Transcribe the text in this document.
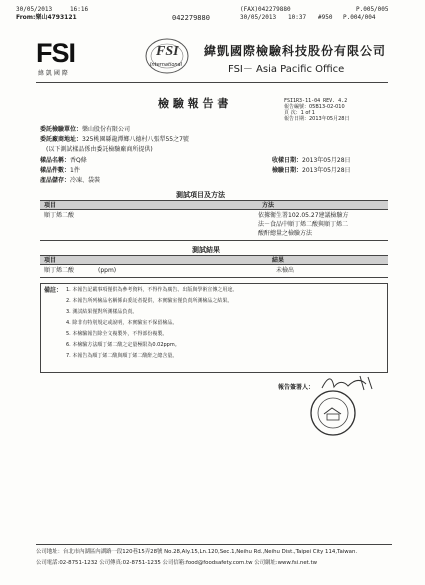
30/05/2013	16:16
From:樂山4793121	042279880
(FAX)042279880	P.005/005
30/05/2013 10:37 #950 P.004/004
FSI
緯 凱 國 際
FSI
International
緯凱國際檢驗科技股份有限公司
FSI－ Asia Pacific Office
檢 驗 報 告 書	FSI1R3-11-04 REV. 4.2
報告編號：05B13-02-010
頁 次：1 of 1
報告日期：2013年05月28日
委託檢驗單位：樂山股份有限公司
委託廠商地址：325桃園縣龍潭鄉八德村八張犁55之7號
(以下測試樣品係由委託檢驗廠商所提供)
樣品名稱：香Q條
樣品件數：1件
產品儲存：冷凍、袋裝
收樣日期：2013年05月28日
檢驗日期：2013年05月28日
測試項目及方法
項目	方法
順丁烯二酸	依據衛生署102.05.27建議檢驗方
法－食品中順丁烯二酸與順丁烯二
酸酐總量之檢驗方法
測試結果
項目	結果
順丁烯二酸	(ppm)	未檢出
備註： 1. 本報告記載事項僅供為參考資料，不得作為廣告、出版與學術宣傳之用途。
2. 本報告所列檢品名稱係由委託者提供，本實驗室僅負責所測檢品之結果。
3. 測試結果僅對所測樣品負責。
4. 除非有特別規定或說明，本實驗室不保留檢品。
5. 本檢驗報告除全文複製外，不得部份複製。
6. 本檢驗方法順丁烯二酸之定量極限為0.02ppm。
7. 本報告為順丁烯二酸與順丁烯二酸酐之總含量。
報告簽署人：
公司地址：台北市內湖區內湖路一段120巷15弄28號 No.28,Aly.15,Ln.120,Sec.1,Neihu Rd.,Neihu Dist.,Taipei City 114,Taiwan.
公司電話:02-8751-1232 公司傳真:02-8751-1235 公司信箱:food@foodsafety.com.tw 公司網址:www.fsi.net.tw
